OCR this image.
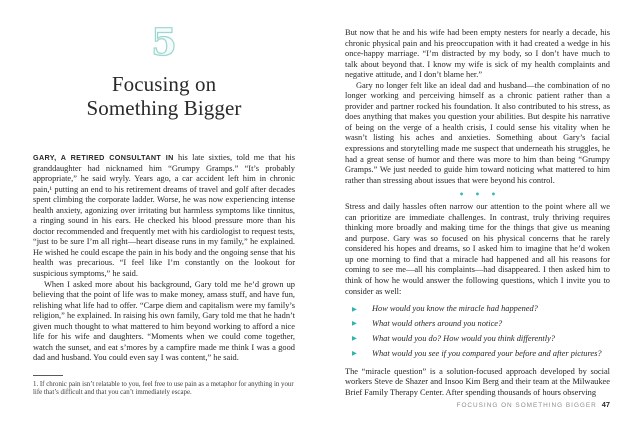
5
Focusing on
Something Bigger

GARY, A RETIRED CONSULTANT IN his late sixties, told me that his granddaughter had nicknamed him “Grumpy Gramps.” “It’s probably appropriate,” he said wryly. Years ago, a car accident left him in chronic pain,¹ putting an end to his retirement dreams of travel and golf after decades spent climbing the corporate ladder. Worse, he was now experiencing intense health anxiety, agonizing over irritating but harmless symptoms like tinnitus, a ringing sound in his ears. He checked his blood pressure more than his doctor recommended and frequently met with his cardiologist to request tests, “just to be sure I’m all right—heart disease runs in my family,” he explained. He wished he could escape the pain in his body and the ongoing sense that his health was precarious. “I feel like I’m constantly on the lookout for suspicious symptoms,” he said.

When I asked more about his background, Gary told me he’d grown up believing that the point of life was to make money, amass stuff, and have fun, relishing what life had to offer. “Carpe diem and capitalism were my family’s religion,” he explained. In raising his own family, Gary told me that he hadn’t given much thought to what mattered to him beyond working to afford a nice life for his wife and daughters. “Moments when we could come together, watch the sunset, and eat s’mores by a campfire made me think I was a good dad and husband. You could even say I was content,” he said.

1. If chronic pain isn’t relatable to you, feel free to use pain as a metaphor for anything in your life that’s difficult and that you can’t immediately escape.

But now that he and his wife had been empty nesters for nearly a decade, his chronic physical pain and his preoccupation with it had created a wedge in his once-happy marriage. “I’m distracted by my body, so I don’t have much to talk about beyond that. I know my wife is sick of my health complaints and negative attitude, and I don’t blame her.”

Gary no longer felt like an ideal dad and husband—the combination of no longer working and perceiving himself as a chronic patient rather than a provider and partner rocked his foundation. It also contributed to his stress, as does anything that makes you question your abilities. But despite his narrative of being on the verge of a health crisis, I could sense his vitality when he wasn’t listing his aches and anxieties. Something about Gary’s facial expressions and storytelling made me suspect that underneath his struggles, he had a great sense of humor and there was more to him than being “Grumpy Gramps.” We just needed to guide him toward noticing what mattered to him rather than stressing about issues that were beyond his control.

• • •

Stress and daily hassles often narrow our attention to the point where all we can prioritize are immediate challenges. In contrast, truly thriving requires thinking more broadly and making time for the things that give us meaning and purpose. Gary was so focused on his physical concerns that he rarely considered his hopes and dreams, so I asked him to imagine that he’d woken up one morning to find that a miracle had happened and all his reasons for coming to see me—all his complaints—had disappeared. I then asked him to think of how he would answer the following questions, which I invite you to consider as well:

▶ How would you know the miracle had happened?
▶ What would others around you notice?
▶ What would you do? How would you think differently?
▶ What would you see if you compared your before and after pictures?

The “miracle question” is a solution-focused approach developed by social workers Steve de Shazer and Insoo Kim Berg and their team at the Milwaukee Brief Family Therapy Center. After spending thousands of hours observing

FOCUSING ON SOMETHING BIGGER 47
